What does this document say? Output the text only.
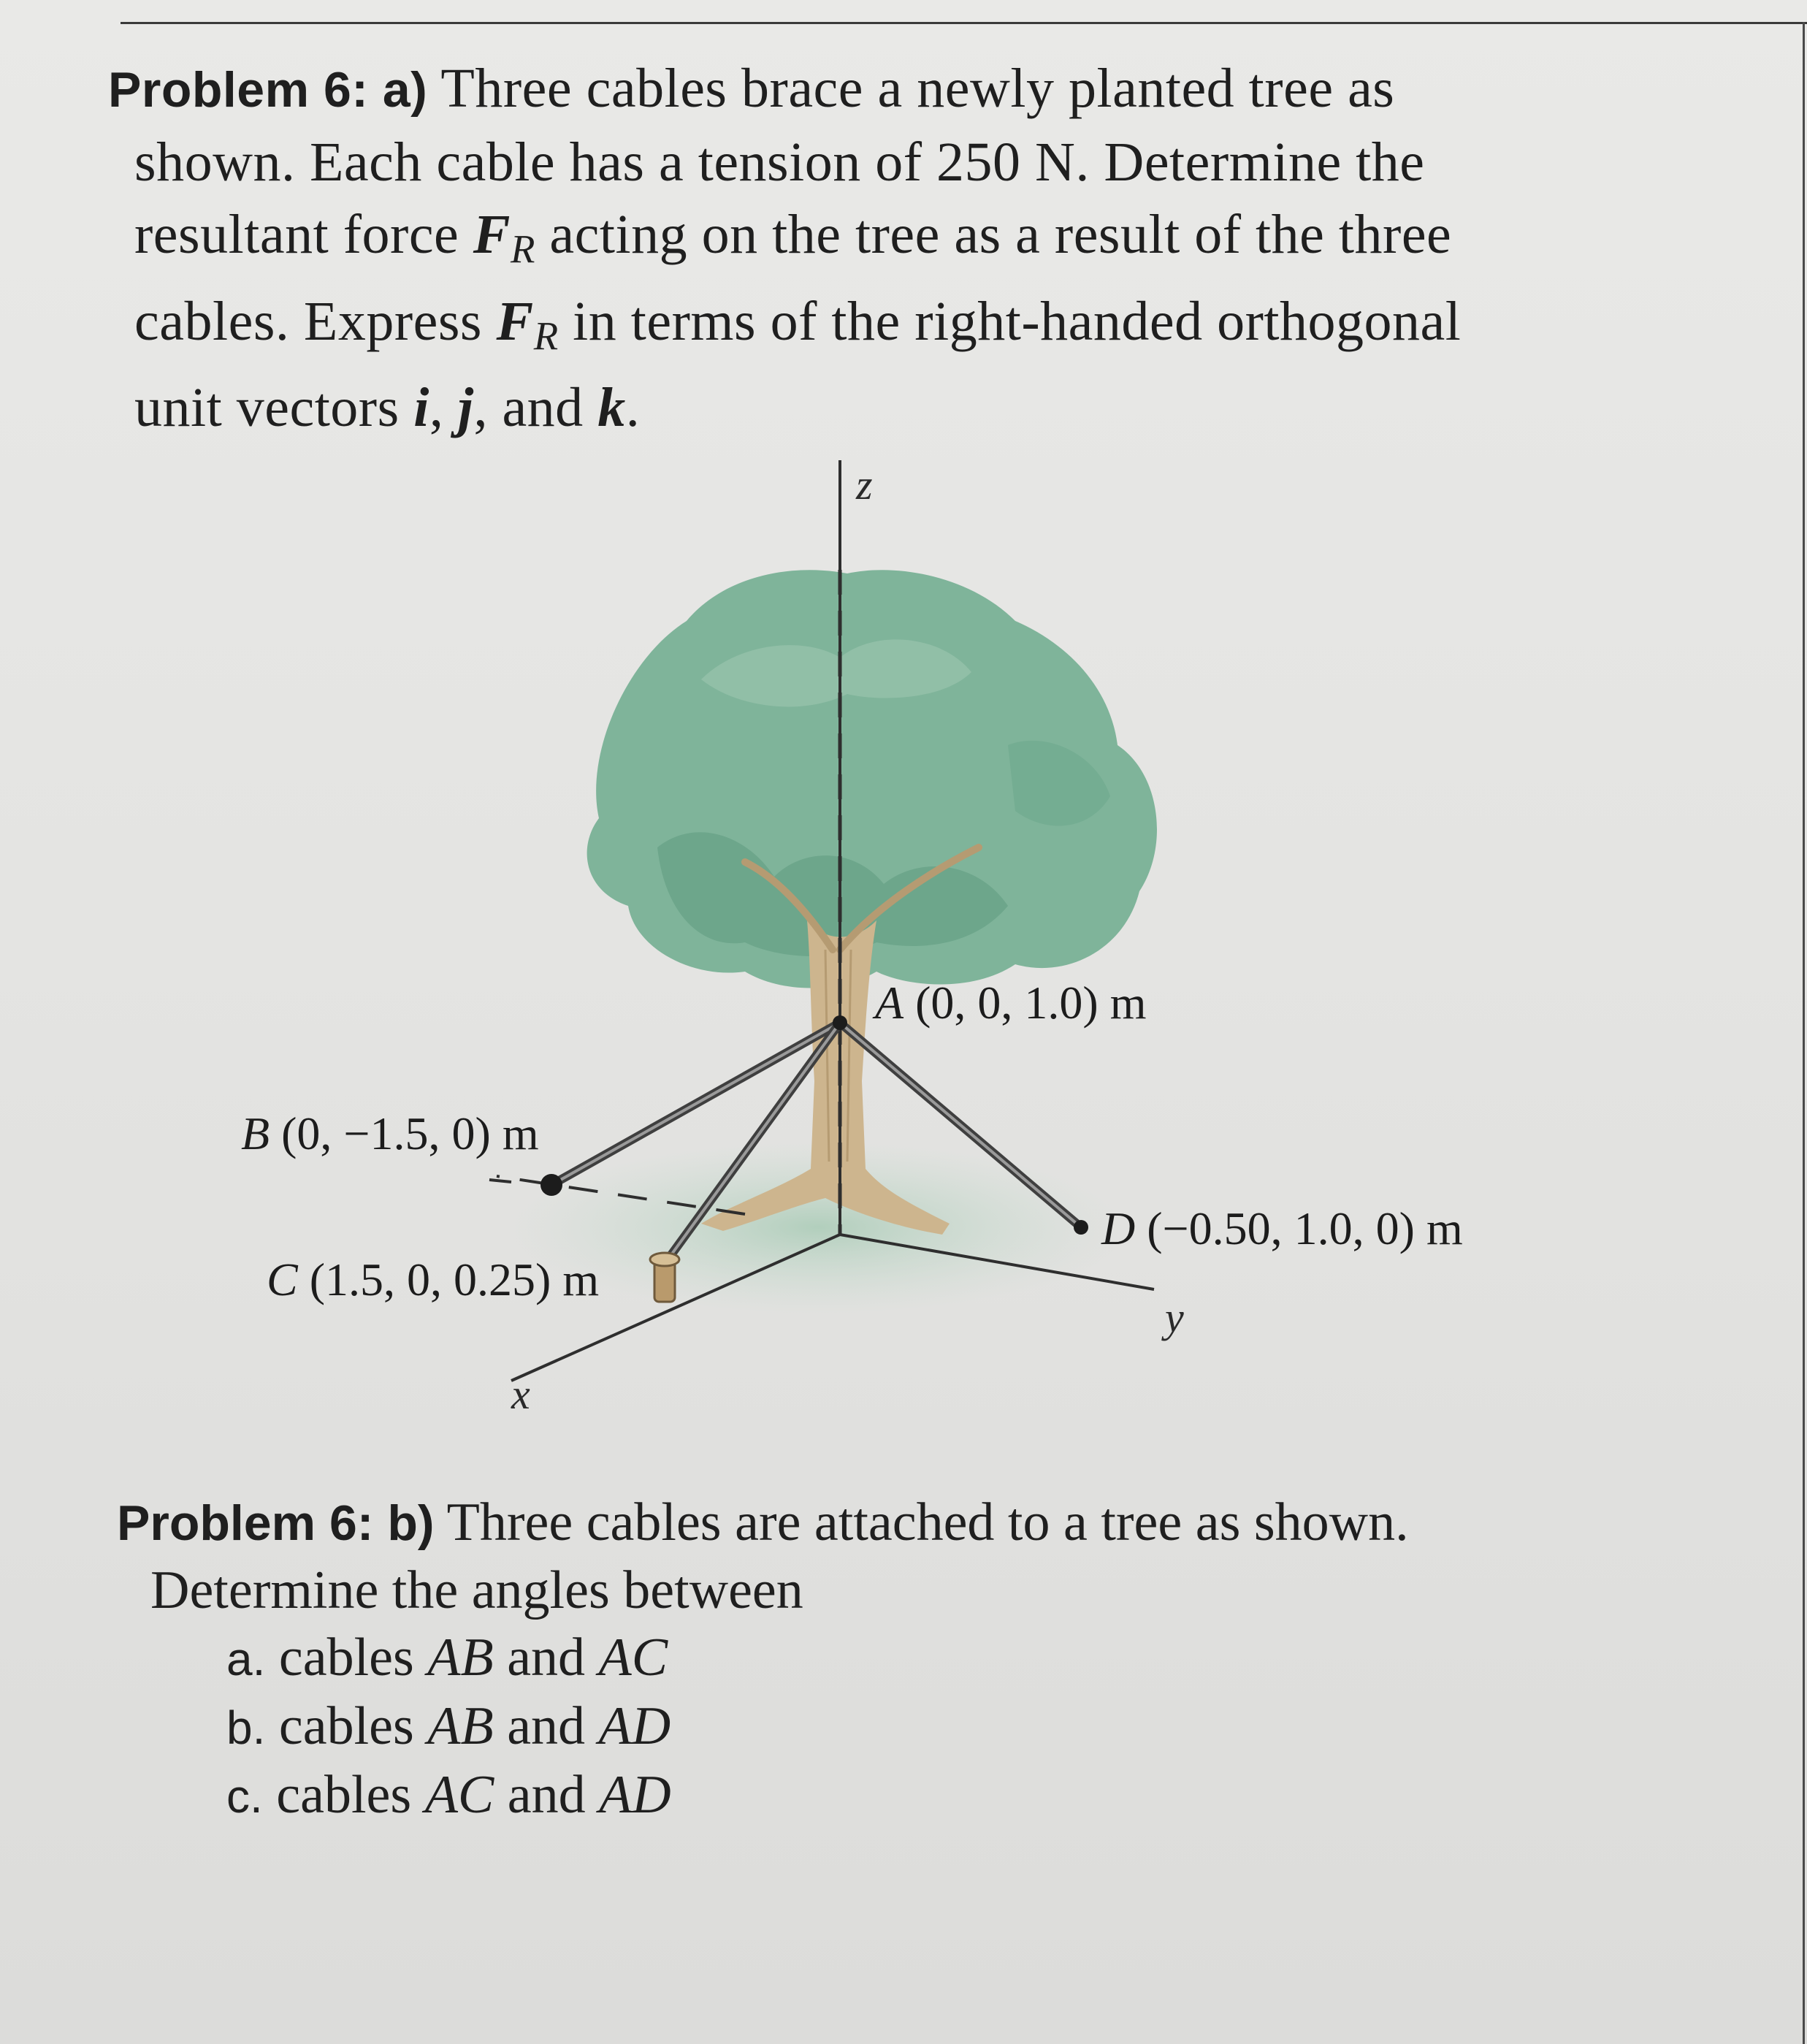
Problem 6: a) Three cables brace a newly planted tree as
shown. Each cable has a tension of 250 N. Determine the
resultant force $F_R$ acting on the tree as a result of the three
cables. Express $F_R$ in terms of the right-handed orthogonal
unit vectors i, j, and k.
z
x
y
A (0, 0, 1.0) m
B (0, −1.5, 0) m
C (1.5, 0, 0.25) m
D (−0.50, 1.0, 0) m
Problem 6: b) Three cables are attached to a tree as shown.
Determine the angles between
a. cables AB and AC
b. cables AB and AD
c. cables AC and AD
